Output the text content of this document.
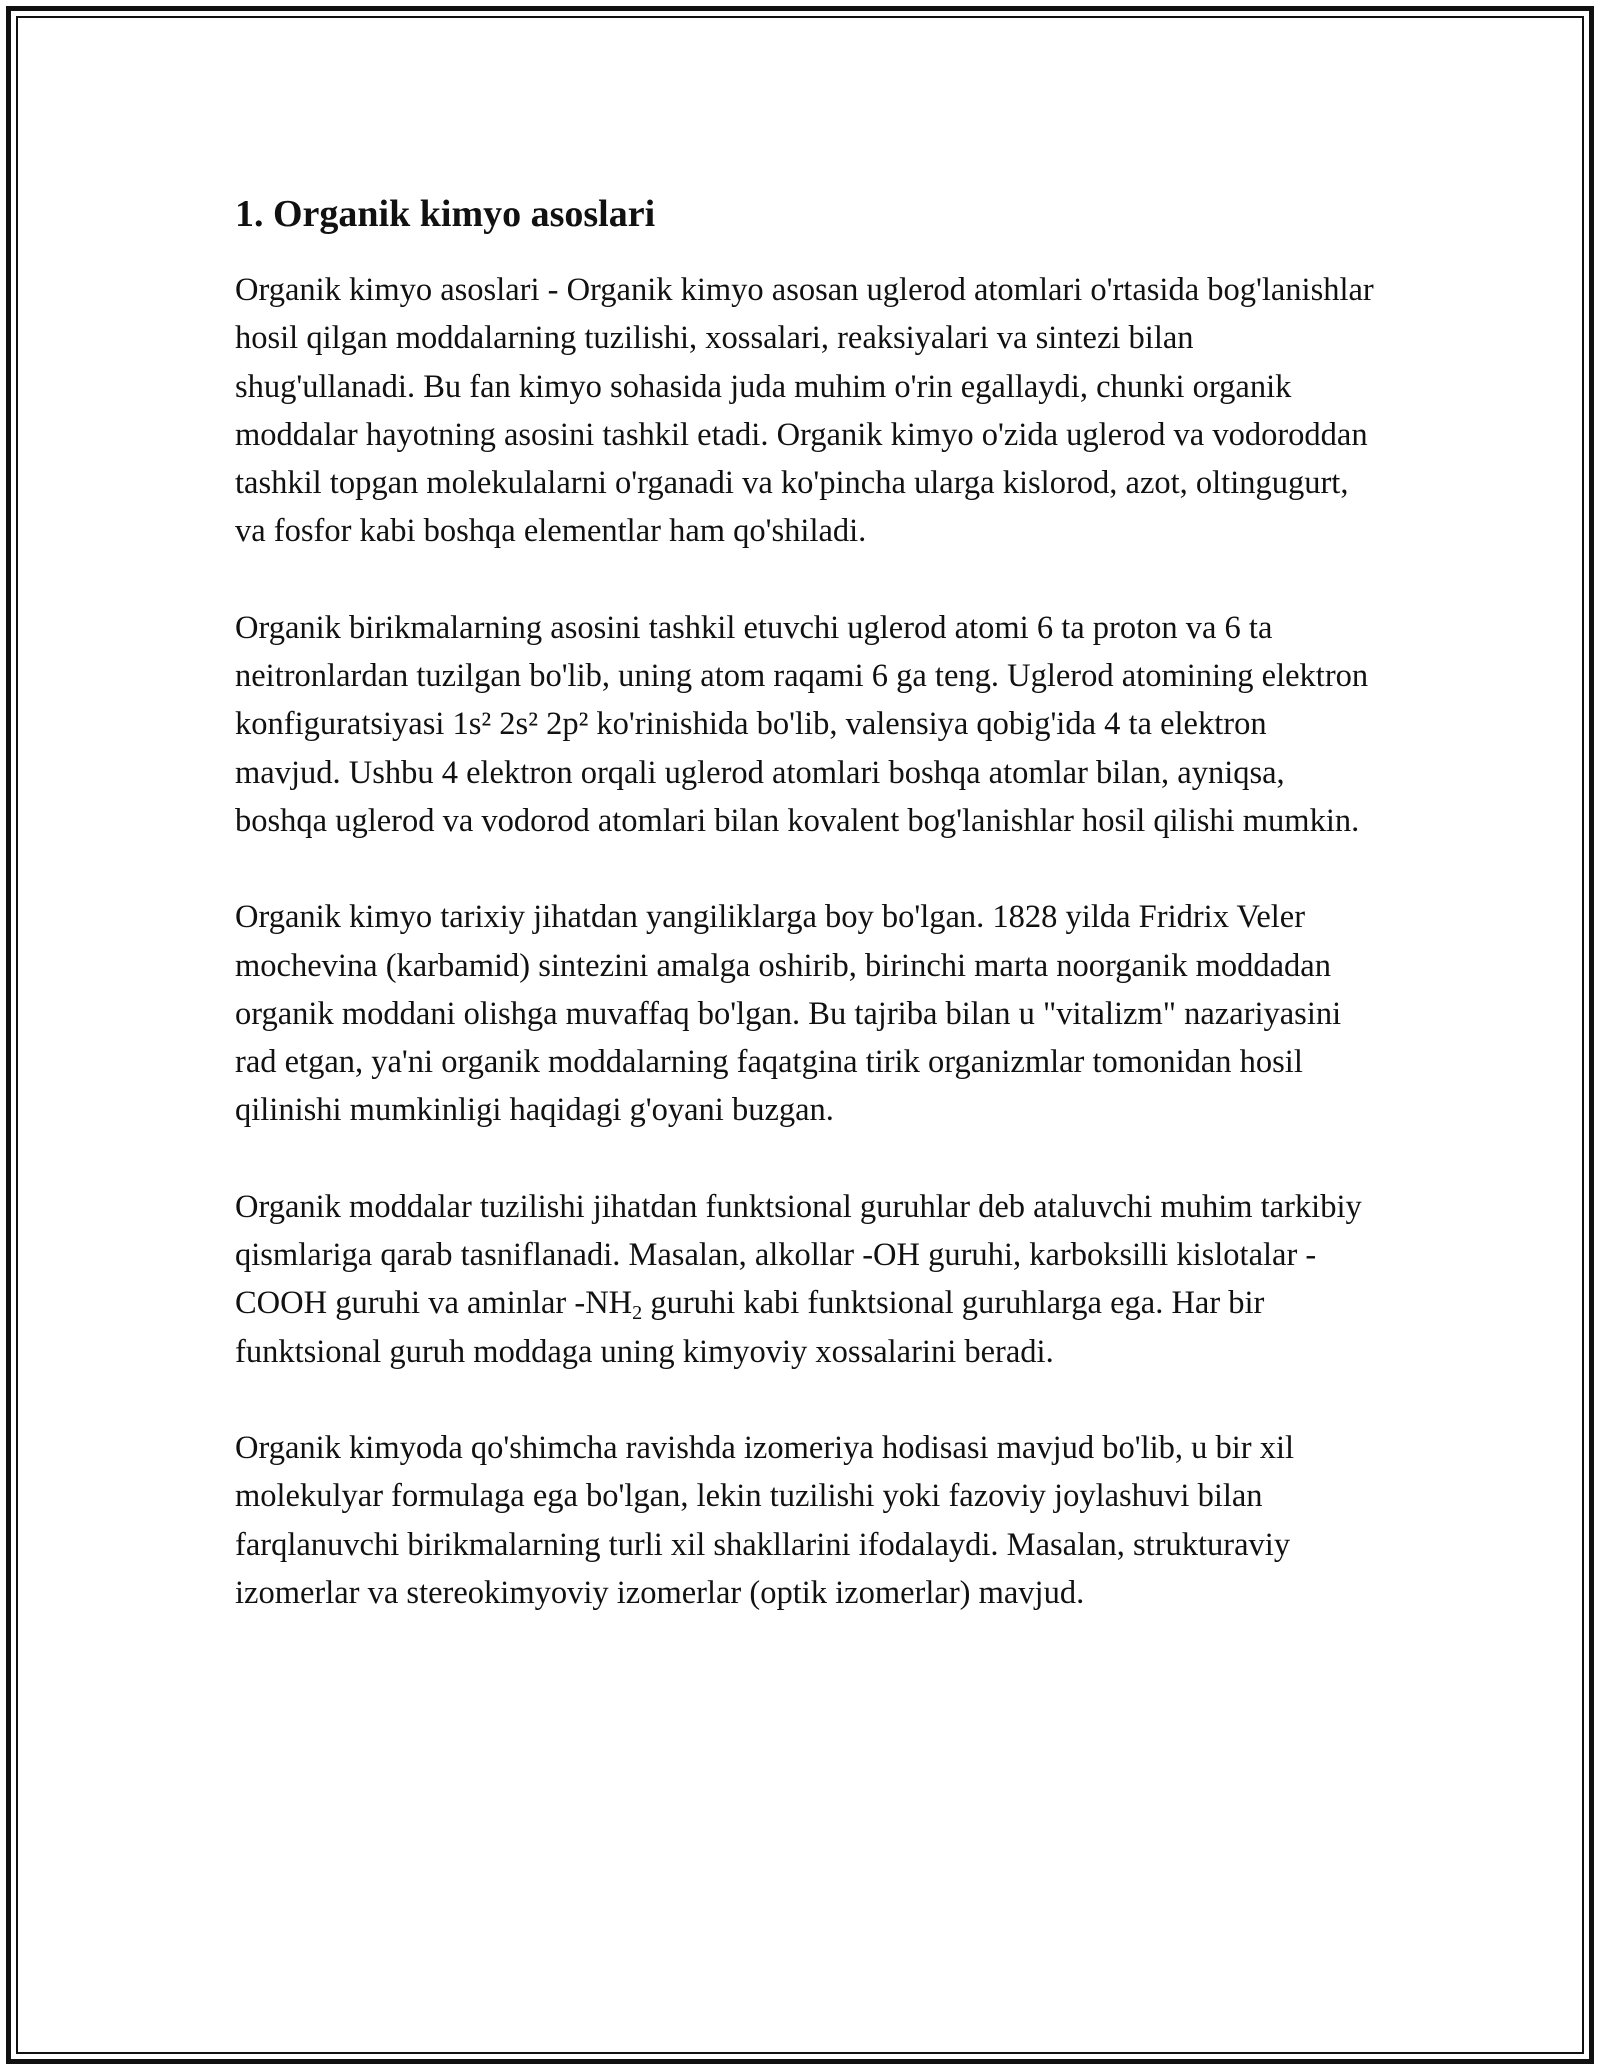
1. Organik kimyo asoslari

Organik kimyo asoslari - Organik kimyo asosan uglerod atomlari o'rtasida bog'lanishlar hosil qilgan moddalarning tuzilishi, xossalari, reaksiyalari va sintezi bilan shug'ullanadi. Bu fan kimyo sohasida juda muhim o'rin egallaydi, chunki organik moddalar hayotning asosini tashkil etadi. Organik kimyo o'zida uglerod va vodoroddan tashkil topgan molekulalarni o'rganadi va ko'pincha ularga kislorod, azot, oltingugurt, va fosfor kabi boshqa elementlar ham qo'shiladi.

Organik birikmalarning asosini tashkil etuvchi uglerod atomi 6 ta proton va 6 ta neitronlardan tuzilgan bo'lib, uning atom raqami 6 ga teng. Uglerod atomining elektron konfiguratsiyasi 1s² 2s² 2p² ko'rinishida bo'lib, valensiya qobig'ida 4 ta elektron mavjud. Ushbu 4 elektron orqali uglerod atomlari boshqa atomlar bilan, ayniqsa, boshqa uglerod va vodorod atomlari bilan kovalent bog'lanishlar hosil qilishi mumkin.

Organik kimyo tarixiy jihatdan yangiliklarga boy bo'lgan. 1828 yilda Fridrix Veler mochevina (karbamid) sintezini amalga oshirib, birinchi marta noorganik moddadan organik moddani olishga muvaffaq bo'lgan. Bu tajriba bilan u "vitalizm" nazariyasini rad etgan, ya'ni organik moddalarning faqatgina tirik organizmlar tomonidan hosil qilinishi mumkinligi haqidagi g'oyani buzgan.

Organik moddalar tuzilishi jihatdan funktsional guruhlar deb ataluvchi muhim tarkibiy qismlariga qarab tasniflanadi. Masalan, alkollar -OH guruhi, karboksilli kislotalar -COOH guruhi va aminlar $-NH_2$ guruhi kabi funktsional guruhlarga ega. Har bir funktsional guruh moddaga uning kimyoviy xossalarini beradi.

Organik kimyoda qo'shimcha ravishda izomeriya hodisasi mavjud bo'lib, u bir xil molekulyar formulaga ega bo'lgan, lekin tuzilishi yoki fazoviy joylashuvi bilan farqlanuvchi birikmalarning turli xil shakllarini ifodalaydi. Masalan, strukturaviy izomerlar va stereokimyoviy izomerlar (optik izomerlar) mavjud.
